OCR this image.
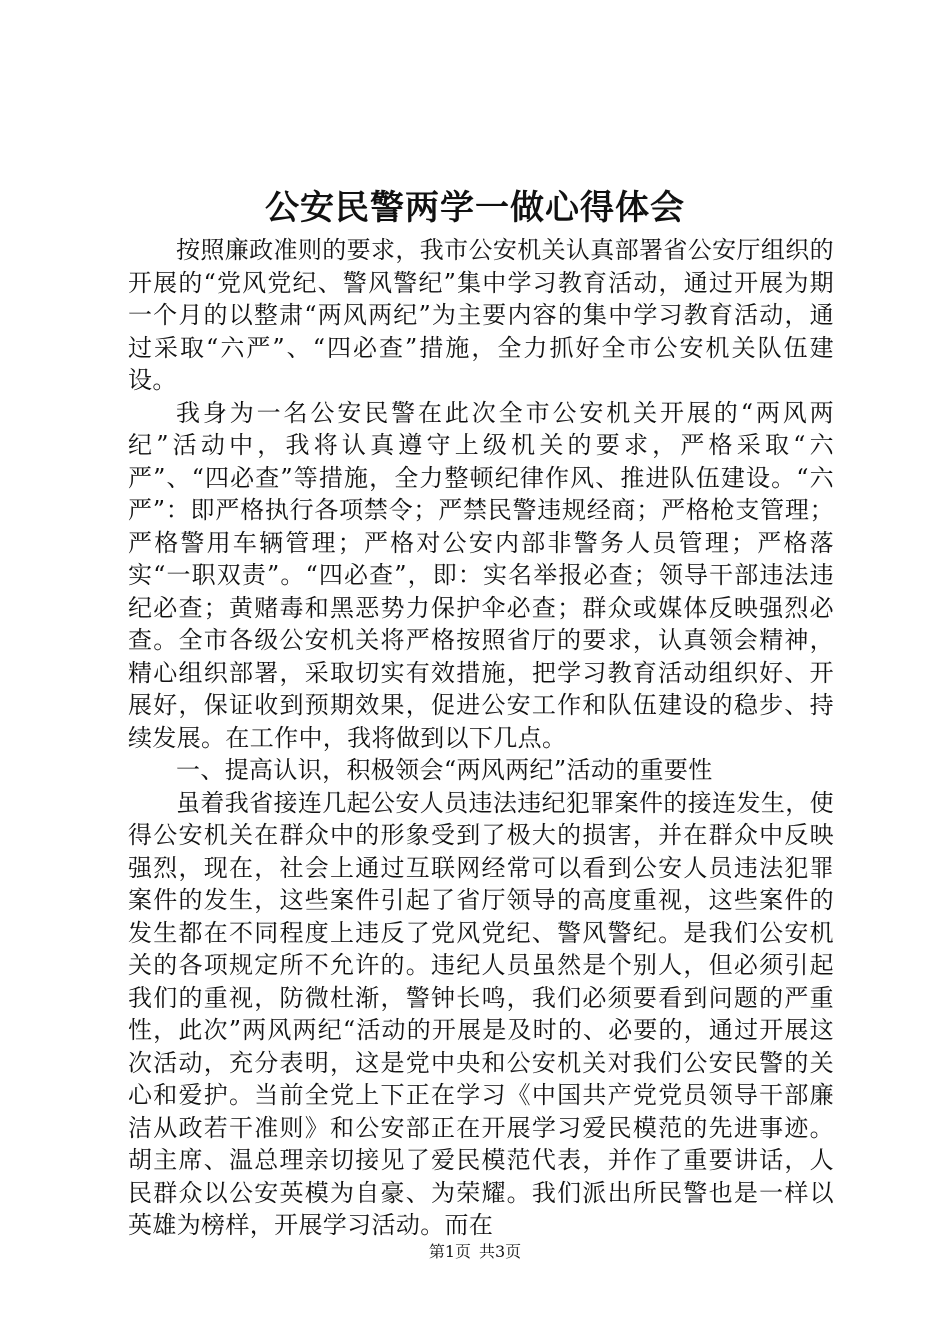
公安民警两学一做心得体会

按照廉政准则的要求，我市公安机关认真部署省公安厅组织的开展的“党风党纪、警风警纪”集中学习教育活动，通过开展为期一个月的以整肃“两风两纪”为主要内容的集中学习教育活动，通过采取“六严”、“四必查”措施，全力抓好全市公安机关队伍建设。

我身为一名公安民警在此次全市公安机关开展的“两风两纪”活动中，我将认真遵守上级机关的要求，严格采取“六严”、“四必查”等措施，全力整顿纪律作风、推进队伍建设。“六严”：即严格执行各项禁令；严禁民警违规经商；严格枪支管理；严格警用车辆管理；严格对公安内部非警务人员管理；严格落实“一职双责”。“四必查”，即：实名举报必查；领导干部违法违纪必查；黄赌毒和黑恶势力保护伞必查；群众或媒体反映强烈必查。全市各级公安机关将严格按照省厅的要求，认真领会精神，精心组织部署，采取切实有效措施，把学习教育活动组织好、开展好，保证收到预期效果，促进公安工作和队伍建设的稳步、持续发展。在工作中，我将做到以下几点。

一、提高认识，积极领会“两风两纪”活动的重要性

虽着我省接连几起公安人员违法违纪犯罪案件的接连发生，使得公安机关在群众中的形象受到了极大的损害，并在群众中反映强烈，现在，社会上通过互联网经常可以看到公安人员违法犯罪案件的发生，这些案件引起了省厅领导的高度重视，这些案件的发生都在不同程度上违反了党风党纪、警风警纪。是我们公安机关的各项规定所不允许的。违纪人员虽然是个别人，但必须引起我们的重视，防微杜渐，警钟长鸣，我们必须要看到问题的严重性，此次”两风两纪“活动的开展是及时的、必要的，通过开展这次活动，充分表明，这是党中央和公安机关对我们公安民警的关心和爱护。当前全党上下正在学习《中国共产党党员领导干部廉洁从政若干准则》和公安部正在开展学习爱民模范的先进事迹。胡主席、温总理亲切接见了爱民模范代表，并作了重要讲话，人民群众以公安英模为自豪、为荣耀。我们派出所民警也是一样以英雄为榜样，开展学习活动。而在

第1页 共3页
